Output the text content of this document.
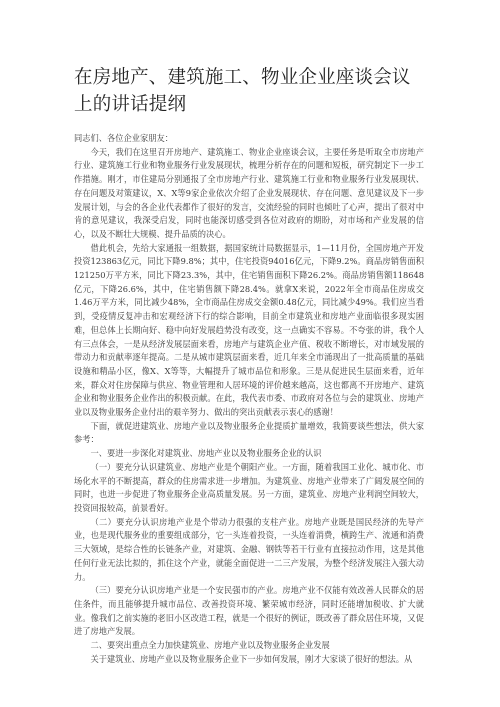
在房地产、建筑施工、物业企业座谈会议上的讲话提纲

同志们、各位企业家朋友：

今天，我们在这里召开房地产、建筑施工、物业企业座谈会议，主要任务是听取全市房地产行业、建筑施工行业和物业服务行业发展现状，梳理分析存在的问题和短板，研究制定下一步工作措施。刚才，市住建局分别通报了全市房地产行业、建筑施工行业和物业服务行业发展现状、存在问题及对策建议，X、X等9家企业依次介绍了企业发展现状、存在问题、意见建议及下一步发展计划，与会的各企业代表都作了很好的发言，交流经验的同时也倾吐了心声，提出了很对中肯的意见建议，我深受启发，同时也能深切感受到各位对政府的期盼，对市场和产业发展的信心，以及不断壮大规模、提升品质的决心。

借此机会，先给大家通报一组数据，据国家统计局数据显示，1—11月份，全国房地产开发投资123863亿元，同比下降9.8%；其中，住宅投资94016亿元，下降9.2%。商品房销售面积121250万平方米，同比下降23.3%，其中，住宅销售面积下降26.2%。商品房销售额118648亿元，下降26.6%，其中，住宅销售额下降28.4%。就拿X来说，2022年全市商品住房成交1.46万平方米，同比减少48%，全市商品住房成交金额0.48亿元，同比减少49%。我们应当看到，受疫情反复冲击和宏观经济下行的综合影响，目前全市建筑业和房地产业面临很多现实困难，但总体上长期向好、稳中向好发展趋势没有改变，这一点确实不容易。不夸张的讲，我个人有三点体会，一是从经济发展层面来看，房地产与建筑企业产值、税收不断增长，对市域发展的带动力和贡献率逐年提高。二是从城市建筑层面来看，近几年来全市涌现出了一批高质量的基础设施和精品小区，像X、X等等，大幅提升了城市品位和形象。三是从促进民生层面来看，近年来，群众对住房保障与供应、物业管理和人居环境的评价越来越高，这也都离不开房地产、建筑企业和物业服务企业作出的积极贡献。在此，我代表市委、市政府对各位与会的建筑业、房地产业以及物业服务企业付出的艰辛努力、做出的突出贡献表示衷心的感谢！

下面，就促进建筑业、房地产业以及物业服务企业提质扩量增效，我简要谈些想法，供大家参考：

一、要进一步深化对建筑业、房地产业以及物业服务企业的认识

（一）要充分认识建筑业、房地产业是个朝阳产业。一方面，随着我国工业化、城市化、市场化水平的不断提高，群众的住房需求进一步增加。为建筑业、房地产业带来了广阔发展空间的同时，也进一步促进了物业服务企业高质量发展。另一方面，建筑业、房地产业利润空间较大，投资回报较高，前景看好。

（二）要充分认识房地产业是个带动力很强的支柱产业。房地产业既是国民经济的先导产业，也是现代服务业的重要组成部分，它一头连着投资，一头连着消费，横跨生产、流通和消费三大领域，是综合性的长链条产业，对建筑、金融、钢铁等若干行业有直接拉动作用，这是其他任何行业无法比拟的，抓住这个产业，就能全面促进一二三产发展，为整个经济发展注入强大动力。

（三）要充分认识房地产业是一个安民强市的产业。房地产业不仅能有效改善人民群众的居住条件，而且能够提升城市品位、改善投资环境、繁荣城市经济，同时还能增加税收、扩大就业。像我们之前实施的老旧小区改造工程，就是一个很好的例证，既改善了群众居住环境，又促进了房地产发展。

二、要突出重点全力加快建筑业、房地产业以及物业服务企业发展

关于建筑业、房地产业以及物业服务企业下一步如何发展，刚才大家谈了很好的想法。从
